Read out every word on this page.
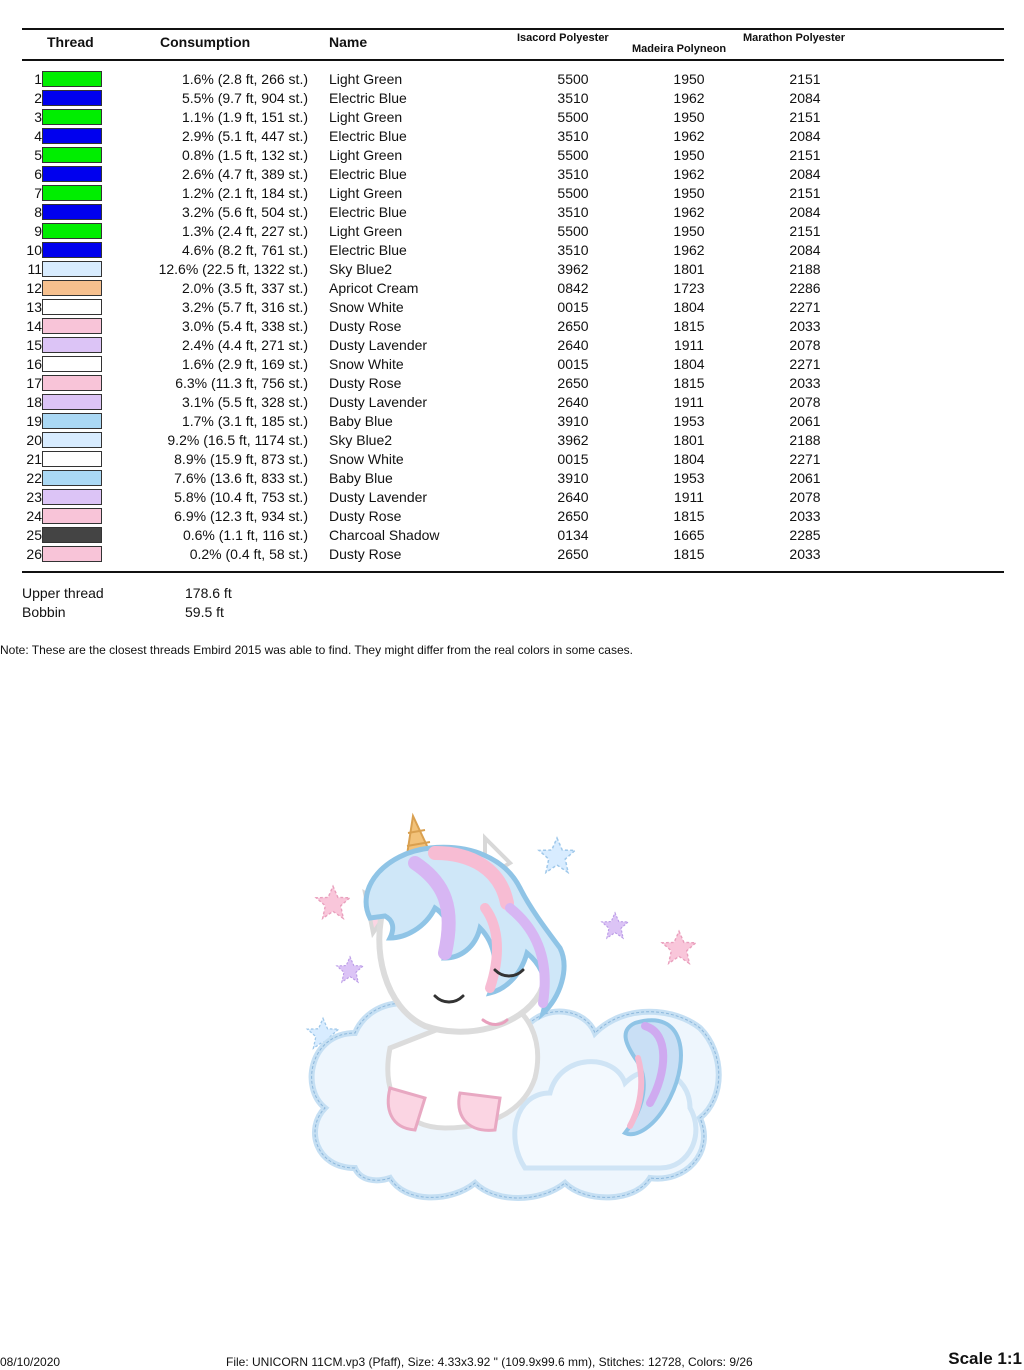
Thread	Consumption	Name	Isacord Polyester
Madeira Polyneon
Marathon Polyester
1	1.6% (2.8 ft, 266 st.) Light Green	5500	1950	2151
2	5.5% (9.7 ft, 904 st.) Electric Blue	3510	1962	2084
3	1.1% (1.9 ft, 151 st.) Light Green	5500	1950	2151
4	2.9% (5.1 ft, 447 st.) Electric Blue	3510	1962	2084
5	0.8% (1.5 ft, 132 st.) Light Green	5500	1950	2151
6	2.6% (4.7 ft, 389 st.) Electric Blue	3510	1962	2084
7	1.2% (2.1 ft, 184 st.) Light Green	5500	1950	2151
8	3.2% (5.6 ft, 504 st.) Electric Blue	3510	1962	2084
9	1.3% (2.4 ft, 227 st.) Light Green	5500	1950	2151
10	4.6% (8.2 ft, 761 st.) Electric Blue	3510	1962	2084
11	12.6% (22.5 ft, 1322 st.) Sky Blue2	3962	1801	2188
12	2.0% (3.5 ft, 337 st.) Apricot Cream	0842	1723	2286
13	3.2% (5.7 ft, 316 st.) Snow White	0015	1804	2271
14	3.0% (5.4 ft, 338 st.) Dusty Rose	2650	1815	2033
15	2.4% (4.4 ft, 271 st.) Dusty Lavender	2640	1911	2078
16	1.6% (2.9 ft, 169 st.) Snow White	0015	1804	2271
17	6.3% (11.3 ft, 756 st.) Dusty Rose	2650	1815	2033
18	3.1% (5.5 ft, 328 st.) Dusty Lavender	2640	1911	2078
19	1.7% (3.1 ft, 185 st.) Baby Blue	3910	1953	2061
20	9.2% (16.5 ft, 1174 st.) Sky Blue2	3962	1801	2188
21	8.9% (15.9 ft, 873 st.) Snow White	0015	1804	2271
22	7.6% (13.6 ft, 833 st.) Baby Blue	3910	1953	2061
23	5.8% (10.4 ft, 753 st.) Dusty Lavender	2640	1911	2078
24	6.9% (12.3 ft, 934 st.) Dusty Rose	2650	1815	2033
25	0.6% (1.1 ft, 116 st.) Charcoal Shadow	0134	1665	2285
26	0.2% (0.4 ft, 58 st.) Dusty Rose	2650	1815	2033
Upper thread	178.6 ft
Bobbin	59.5 ft
Note: These are the closest threads Embird 2015 was able to find. They might differ from the real colors in some cases.
08/10/2020	File: UNICORN 11CM.vp3 (Pfaff), Size: 4.33x3.92 " (109.9x99.6 mm), Stitches: 12728, Colors: 9/26	Scale 1:1
